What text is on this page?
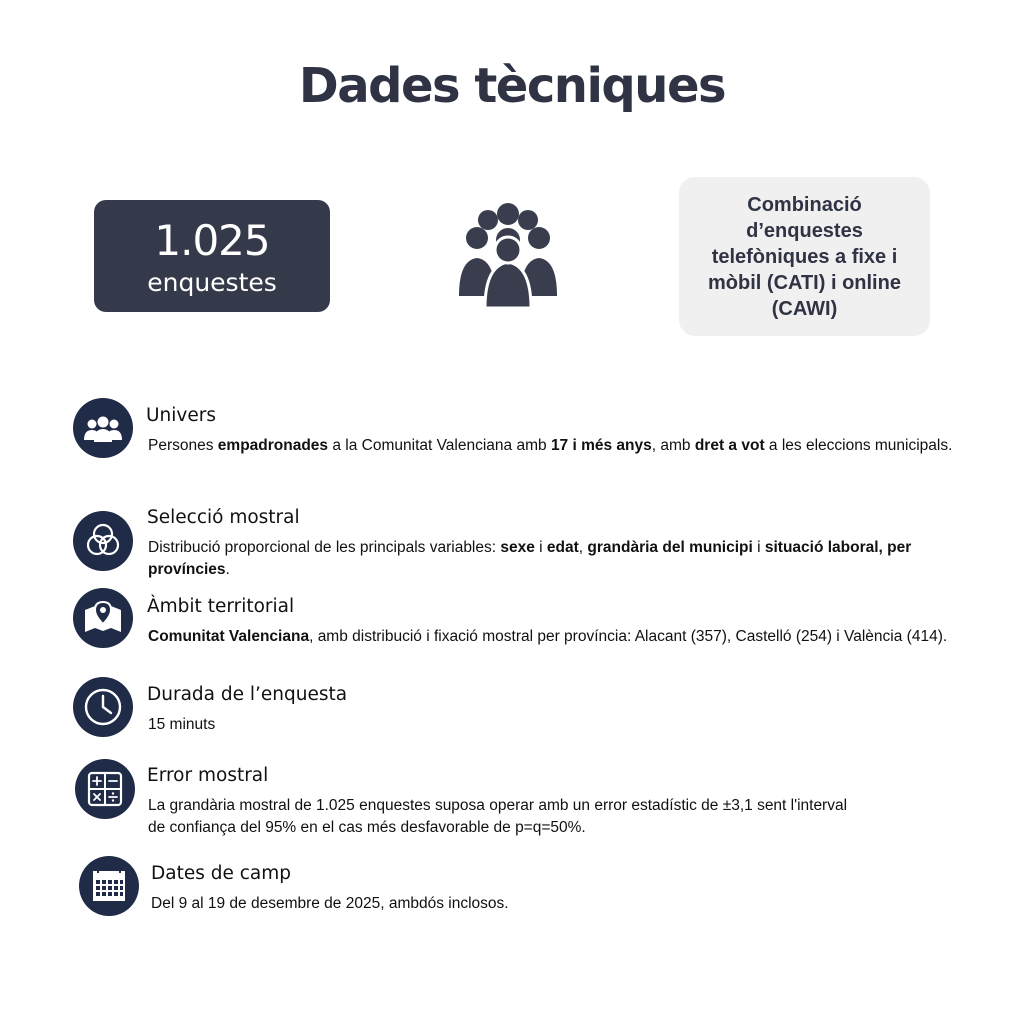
Dades tècniques
1.025
enquestes
Combinació d’enquestes telefòniques a fixe i mòbil (CATI) i online (CAWI)
Univers

Persones empadronades a la Comunitat Valenciana amb 17 i més anys, amb dret a vot a les eleccions municipals.

Selecció mostral

Distribució proporcional de les principals variables: sexe i edat, grandària del municipi i situació laboral, per províncies.

Àmbit territorial

Comunitat Valenciana, amb distribució i fixació mostral per província: Alacant (357), Castelló (254) i València (414).

Durada de l’enquesta

15 minuts

Error mostral

La grandària mostral de 1.025 enquestes suposa operar amb un error estadístic de ±3,1 sent l'interval de confiança del 95% en el cas més desfavorable de p=q=50%.

Dates de camp

Del 9 al 19 de desembre de 2025, ambdós inclosos.
